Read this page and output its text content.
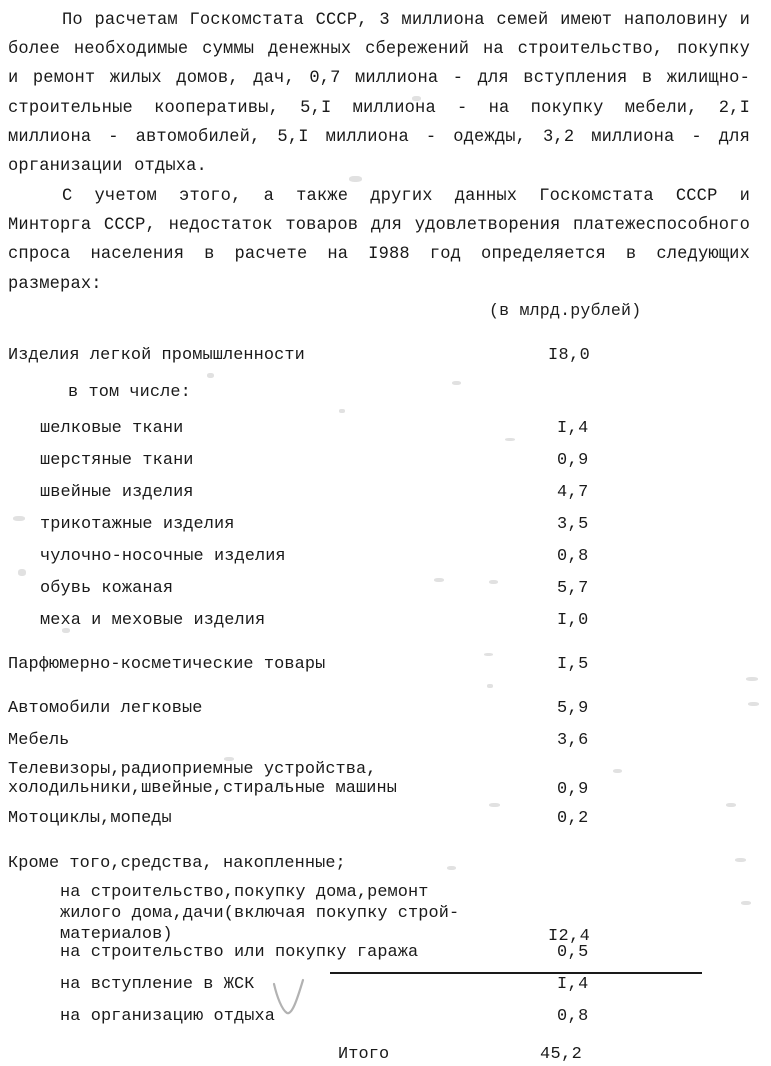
По расчетам Госкомстата СССР, 3 миллиона семей имеют наполовину и более необходимые суммы денежных сбережений на строительство, покупку и ремонт жилых домов, дач, 0,7 миллиона - для вступления в жилищно-строительные кооперативы, 5,I миллиона - на покупку мебели, 2,I миллиона - автомобилей, 5,I миллиона - одежды, 3,2 миллиона - для организации отдыха.
С учетом этого, а также других данных Госкомстата СССР и Минторга СССР, недостаток товаров для удовлетворения платежеспособного спроса населения в расчете на I988 год определяется в следующих размерах:
(в млрд.рублей)
Изделия легкой промышленности	I8,0
в том числе:
шелковые ткани	I,4
шерстяные ткани	0,9
швейные изделия	4,7
трикотажные изделия	3,5
чулочно-носочные изделия	0,8
обувь кожаная	5,7
меха и меховые изделия	I,0
Парфюмерно-косметические товары	I,5
Автомобили легковые	5,9
Мебель	3,6
Телевизоры,радиоприемные устройства,
холодильники,швейные,стиральные машины	0,9
Мотоциклы,мопеды	0,2
Кроме того,средства, накопленные;
на строительство,покупку дома,ремонт
жилого дома,дачи(включая покупку строй-
материалов)	I2,4
на строительство или покупку гаража	0,5
на вступление в ЖСК	I,4
на организацию отдыха	0,8
Итого	45,2
